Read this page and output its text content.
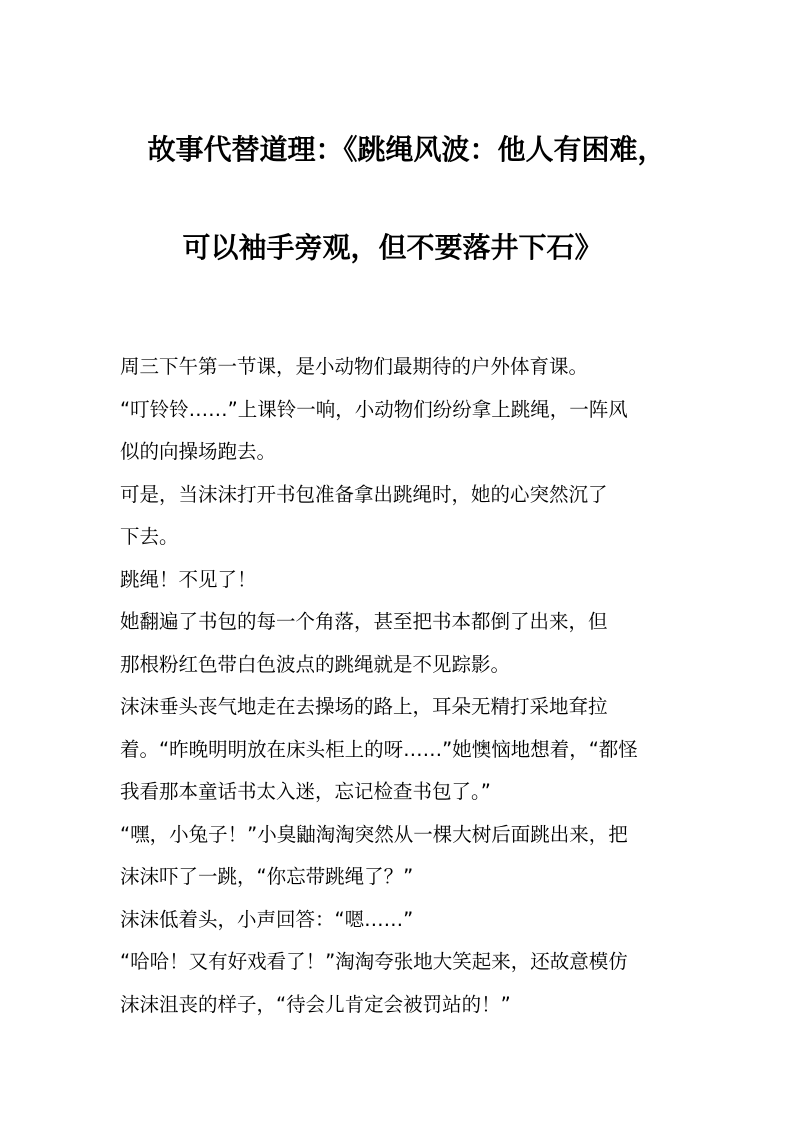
故事代替道理：《跳绳风波：他人有困难，
可以袖手旁观，但不要落井下石》
周三下午第一节课，是小动物们最期待的户外体育课。
“叮铃铃……”上课铃一响，小动物们纷纷拿上跳绳，一阵风
似的向操场跑去。
可是，当沫沫打开书包准备拿出跳绳时，她的心突然沉了
下去。
跳绳！不见了！
她翻遍了书包的每一个角落，甚至把书本都倒了出来，但
那根粉红色带白色波点的跳绳就是不见踪影。
沫沫垂头丧气地走在去操场的路上，耳朵无精打采地耷拉
着。“昨晚明明放在床头柜上的呀……”她懊恼地想着，“都怪
我看那本童话书太入迷，忘记检查书包了。”
“嘿，小兔子！”小臭鼬淘淘突然从一棵大树后面跳出来，把
沫沫吓了一跳，“你忘带跳绳了？”
沫沫低着头，小声回答：“嗯……”
“哈哈！又有好戏看了！”淘淘夸张地大笑起来，还故意模仿
沫沫沮丧的样子，“待会儿肯定会被罚站的！”
